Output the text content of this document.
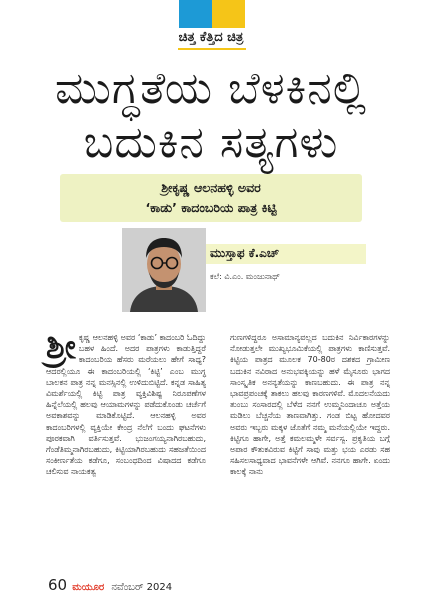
ಚಿತ್ತ ಕೆತ್ತಿದ ಚಿತ್ರ
ಮುಗ್ಧತೆಯ ಬೆಳಕಿನಲ್ಲಿ
ಬದುಕಿನ ಸತ್ಯಗಳು
ಶ್ರೀಕೃಷ್ಣ ಆಲನಹಳ್ಳಿ ಅವರ
‘ಕಾಡು’ ಕಾದಂಬರಿಯ ಪಾತ್ರ ಕಿಟ್ಟಿ
ಮುಸ್ತಾಫ ಕೆ.ಎಚ್
ಕಲೆ: ವಿ.ಎಂ. ಮಂಜುನಾಥ್
ಶ್ರೀ ಕೃಷ್ಣ ಆಲನಹಳ್ಳಿ ಅವರ ‘ಕಾಡು’ ಕಾದಂಬರಿ ಓದಿದ್ದು ಬಹಳ ಹಿಂದೆ. ಅದರ ಪಾತ್ರಗಳು ಕಾಡುತ್ತಿದ್ದರೆ ಕಾದಂಬರಿಯ ಹೆಸರು ಮರೆಯಲು ಹೇಗೆ ಸಾಧ್ಯ? ಆದರಲ್ಲಿಯೂ ಈ ಕಾದಂಬರಿಯಲ್ಲಿ ‘ಕಿಟ್ಟಿ’ ಎಂಬ ಮುಗ್ಧ ಬಾಲಕನ ಪಾತ್ರ ನನ್ನ ಮನಸ್ಸಿನಲ್ಲಿ ಉಳಿದುಬಿಟ್ಟಿದೆ. ಕನ್ನಡ ಸಾಹಿತ್ಯ ವಿಮರ್ಶೆಯಲ್ಲಿ ಕಿಟ್ಟಿ ಪಾತ್ರ ವ್ಯಕ್ತಿವಿಶಿಷ್ಟ ನಿರೂಪಣೆಗಳ ಹಿನ್ನೆಲೆಯಲ್ಲಿ ಹಲವು ಆಯಾಮಗಳನ್ನು ಪಡೆದುಕೊಂಡು ಚರ್ಚೆಗೆ ಅವಕಾಶವನ್ನು ಮಾಡಿಕೊಟ್ಟಿದೆ. ಆಲನಹಳ್ಳಿ ಅವರ ಕಾದಂಬರಿಗಳಲ್ಲಿ ವ್ಯಕ್ತಿಯೇ ಕೇಂದ್ರ ನೆಲೆಗೆ ಬಂದು ಘಟನೆಗಳು ಪೂರಕವಾಗಿ ವರ್ತಿಸುತ್ತವೆ. ಭುಜಂಗಯ್ಯನಾಗಿರಬಹುದು, ಗೆಂಡೆತಿಮ್ಮನಾಗಿರಬಹುದು, ಕಿಟ್ಟಿಯಾಗಿರಬಹುದು ಸಹಜತೆಯಿಂದ ಸಂಕೀರ್ಣತೆಯ ಕಡೆಗೂ, ಸಂಬಂಧದಿಂದ ವಿಷಾದದ ಕಡೆಗೂ ಚಲಿಸುವ ನಾಯಕತ್ವ
ಗುಣಗಳಿದ್ದರೂ ಅಸಾಮಾನ್ಯವಲ್ಲದ ಬದುಕಿನ ನಿರ್ವಿಕಾರಗಳನ್ನು ನೋಡುತ್ತಲೇ ಮುಖ್ಯಭೂಮಿಕೆಯಲ್ಲಿ ಪಾತ್ರಗಳು ಕಾಣಿಸುತ್ತವೆ. ಕಿಟ್ಟಿಯ ಪಾತ್ರದ ಮೂಲಕ 70-80ರ ದಶಕದ ಗ್ರಾಮೀಣ ಬದುಕಿನ ನವಿರಾದ ಅನುಭವಕ್ಕಿಯನ್ನು ಹಳೆ ಮೈಸೂರು ಭಾಗದ ಸಾಂಸ್ಕೃತಿಕ ಅನನ್ಯತೆಯನ್ನು ಕಾಣಬಹುದು. ಈ ಪಾತ್ರ ನನ್ನ ಭಾವಪ್ರಪಂಚಕ್ಕೆ ತಾಕಲು ಹಲವು ಕಾರಣಗಳಿವೆ. ಮೊದಲನೆಯದು ತುಂಬು ಸಂಸಾರದಲ್ಲಿ ಬೆಳೆದ ನನಗೆ ಉಮ್ಮನಿಂದಾಚೂ ಅತ್ತೆಯ ಮಡಿಲು ಬೆಚ್ಚನೆಯ ತಾಣವಾಗಿತ್ತು. ಗಂಡ ಬಿಟ್ಟ ಹೋದವರ ಅವರು ಇಬ್ಬರು ಮಕ್ಕಳ ಜೊತೆಗೆ ನಮ್ಮ ಮನೆಯಲ್ಲಿಯೇ ಇದ್ದರು. ಕಿಟ್ಟಿಗೂ ಹಾಗೇ, ಅತ್ತೆ ಕಮಲಮ್ಮಳೇ ಸರ್ವಸ್ವ. ಪ್ರಕೃತಿಯ ಬಗ್ಗೆ ಅಪಾರ ಕೌತುಕವಿರುವ ಕಿಟ್ಟಿಗೆ ಸಾವು ಮತ್ತು ಭಯ ಎರಡು ಸಹ ಸಹಿಸಲಸಾಧ್ಯವಾದ ಭಾವನೆಗಳೇ ಆಗಿವೆ. ನನಗೂ ಹಾಗೇ. ಏಂದು ಕಾಲಕ್ಕೆ ನಾನು
60 ಮಯೂರ ನವೆಂಬರ್ 2024
